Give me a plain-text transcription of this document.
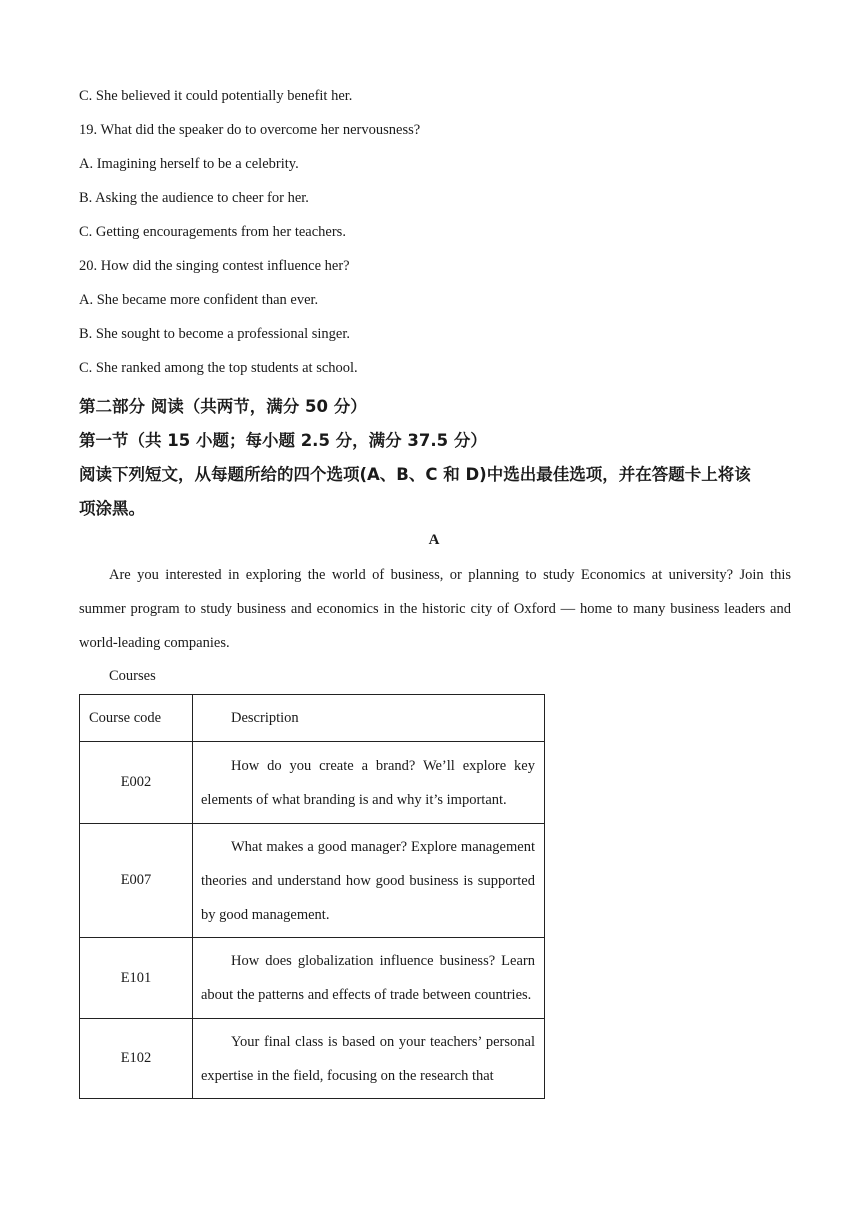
C. She believed it could potentially benefit her.
19. What did the speaker do to overcome her nervousness?
A. Imagining herself to be a celebrity.
B. Asking the audience to cheer for her.
C. Getting encouragements from her teachers.
20. How did the singing contest influence her?
A. She became more confident than ever.
B. She sought to become a professional singer.
C. She ranked among the top students at school.
第二部分 阅读（共两节，满分 50 分）
第一节（共 15 小题；每小题 2.5 分，满分 37.5 分）
阅读下列短文，从每题所给的四个选项(A、B、C 和 D)中选出最佳选项，并在答题卡上将该
项涂黑。
A
Are you interested in exploring the world of business, or planning to study Economics at university? Join this summer program to study business and economics in the historic city of Oxford — home to many business leaders and world-leading companies.
Courses
Course code	Description

E002	How do you create a brand? We’ll explore key elements of what branding is and why it’s important.

E007	What makes a good manager? Explore management theories and understand how good business is supported by good management.

E101	How does globalization influence business? Learn about the patterns and effects of trade between countries.

E102	Your final class is based on your teachers’ personal expertise in the field, focusing on the research that
